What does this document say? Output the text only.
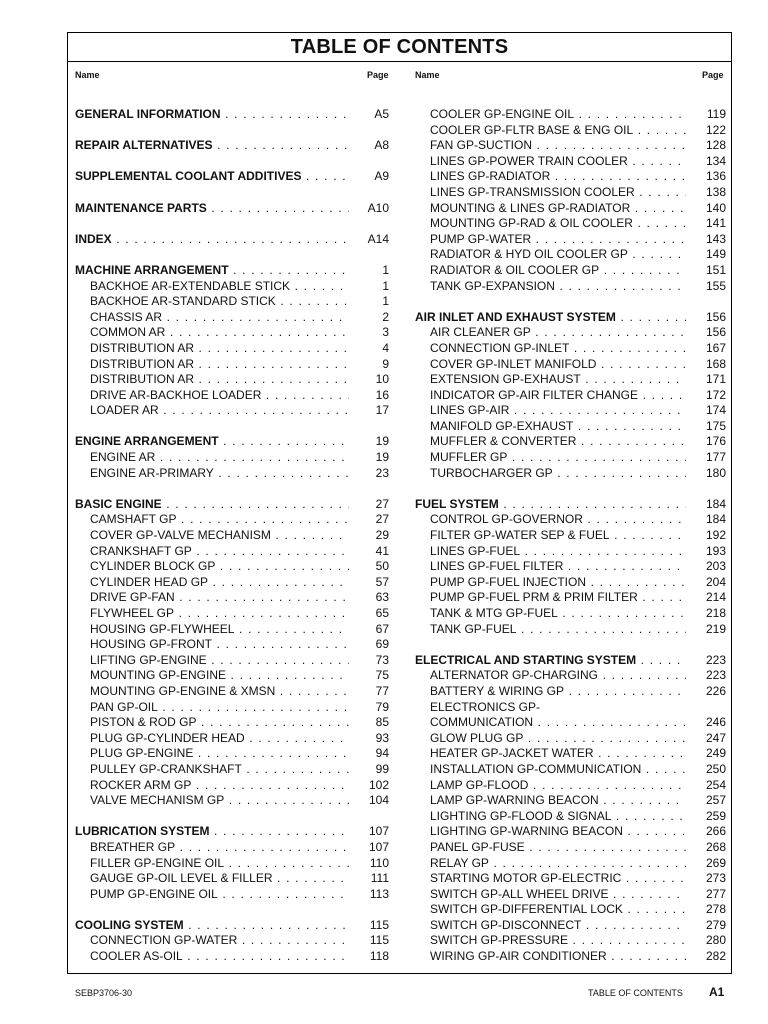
TABLE OF CONTENTS
Name	Page	Name	Page
GENERAL INFORMATION . . .	A5
REPAIR ALTERNATIVES . . .	A8
SUPPLEMENTAL COOLANT ADDITIVES . . .	A9
MAINTENANCE PARTS . . .	A10
INDEX . . .	A14
MACHINE ARRANGEMENT . . .	1
BACKHOE AR-EXTENDABLE STICK . . .	1
BACKHOE AR-STANDARD STICK . . .	1
CHASSIS AR . . .	2
COMMON AR . . .	3
DISTRIBUTION AR . . .	4
DISTRIBUTION AR . . .	9
DISTRIBUTION AR . . .	10
DRIVE AR-BACKHOE LOADER . . .	16
LOADER AR . . .	17
ENGINE ARRANGEMENT . . .	19
ENGINE AR . . .	19
ENGINE AR-PRIMARY . . .	23
BASIC ENGINE . . .	27
CAMSHAFT GP . . .	27
COVER GP-VALVE MECHANISM . . .	29
CRANKSHAFT GP . . .	41
CYLINDER BLOCK GP . . .	50
CYLINDER HEAD GP . . .	57
DRIVE GP-FAN . . .	63
FLYWHEEL GP . . .	65
HOUSING GP-FLYWHEEL . . .	67
HOUSING GP-FRONT . . .	69
LIFTING GP-ENGINE . . .	73
MOUNTING GP-ENGINE . . .	75
MOUNTING GP-ENGINE & XMSN . . .	77
PAN GP-OIL . . .	79
PISTON & ROD GP . . .	85
PLUG GP-CYLINDER HEAD . . .	93
PLUG GP-ENGINE . . .	94
PULLEY GP-CRANKSHAFT . . .	99
ROCKER ARM GP . . .	102
VALVE MECHANISM GP . . .	104
LUBRICATION SYSTEM . . .	107
BREATHER GP . . .	107
FILLER GP-ENGINE OIL . . .	110
GAUGE GP-OIL LEVEL & FILLER . . .	111
PUMP GP-ENGINE OIL . . .	113
COOLING SYSTEM . . .	115
CONNECTION GP-WATER . . .	115
COOLER AS-OIL . . .	118
COOLER GP-ENGINE OIL . . .	119
COOLER GP-FLTR BASE & ENG OIL . . .	122
FAN GP-SUCTION . . .	128
LINES GP-POWER TRAIN COOLER . . .	134
LINES GP-RADIATOR . . .	136
LINES GP-TRANSMISSION COOLER . . .	138
MOUNTING & LINES GP-RADIATOR . . .	140
MOUNTING GP-RAD & OIL COOLER . . .	141
PUMP GP-WATER . . .	143
RADIATOR & HYD OIL COOLER GP . . .	149
RADIATOR & OIL COOLER GP . . .	151
TANK GP-EXPANSION . . .	155
AIR INLET AND EXHAUST SYSTEM . . .	156
AIR CLEANER GP . . .	156
CONNECTION GP-INLET . . .	167
COVER GP-INLET MANIFOLD . . .	168
EXTENSION GP-EXHAUST . . .	171
INDICATOR GP-AIR FILTER CHANGE . . .	172
LINES GP-AIR . . .	174
MANIFOLD GP-EXHAUST . . .	175
MUFFLER & CONVERTER . . .	176
MUFFLER GP . . .	177
TURBOCHARGER GP . . .	180
FUEL SYSTEM . . .	184
CONTROL GP-GOVERNOR . . .	184
FILTER GP-WATER SEP & FUEL . . .	192
LINES GP-FUEL . . .	193
LINES GP-FUEL FILTER . . .	203
PUMP GP-FUEL INJECTION . . .	204
PUMP GP-FUEL PRM & PRIM FILTER . . .	214
TANK & MTG GP-FUEL . . .	218
TANK GP-FUEL . . .	219
ELECTRICAL AND STARTING SYSTEM . . .	223
ALTERNATOR GP-CHARGING . . .	223
BATTERY & WIRING GP . . .	226
ELECTRONICS GP-
COMMUNICATION . . .	246
GLOW PLUG GP . . .	247
HEATER GP-JACKET WATER . . .	249
INSTALLATION GP-COMMUNICATION . . .	250
LAMP GP-FLOOD . . .	254
LAMP GP-WARNING BEACON . . .	257
LIGHTING GP-FLOOD & SIGNAL . . .	259
LIGHTING GP-WARNING BEACON . . .	266
PANEL GP-FUSE . . .	268
RELAY GP . . .	269
STARTING MOTOR GP-ELECTRIC . . .	273
SWITCH GP-ALL WHEEL DRIVE . . .	277
SWITCH GP-DIFFERENTIAL LOCK . . .	278
SWITCH GP-DISCONNECT . . .	279
SWITCH GP-PRESSURE . . .	280
WIRING GP-AIR CONDITIONER . . .	282
SEBP3706-30	TABLE OF CONTENTS A1
